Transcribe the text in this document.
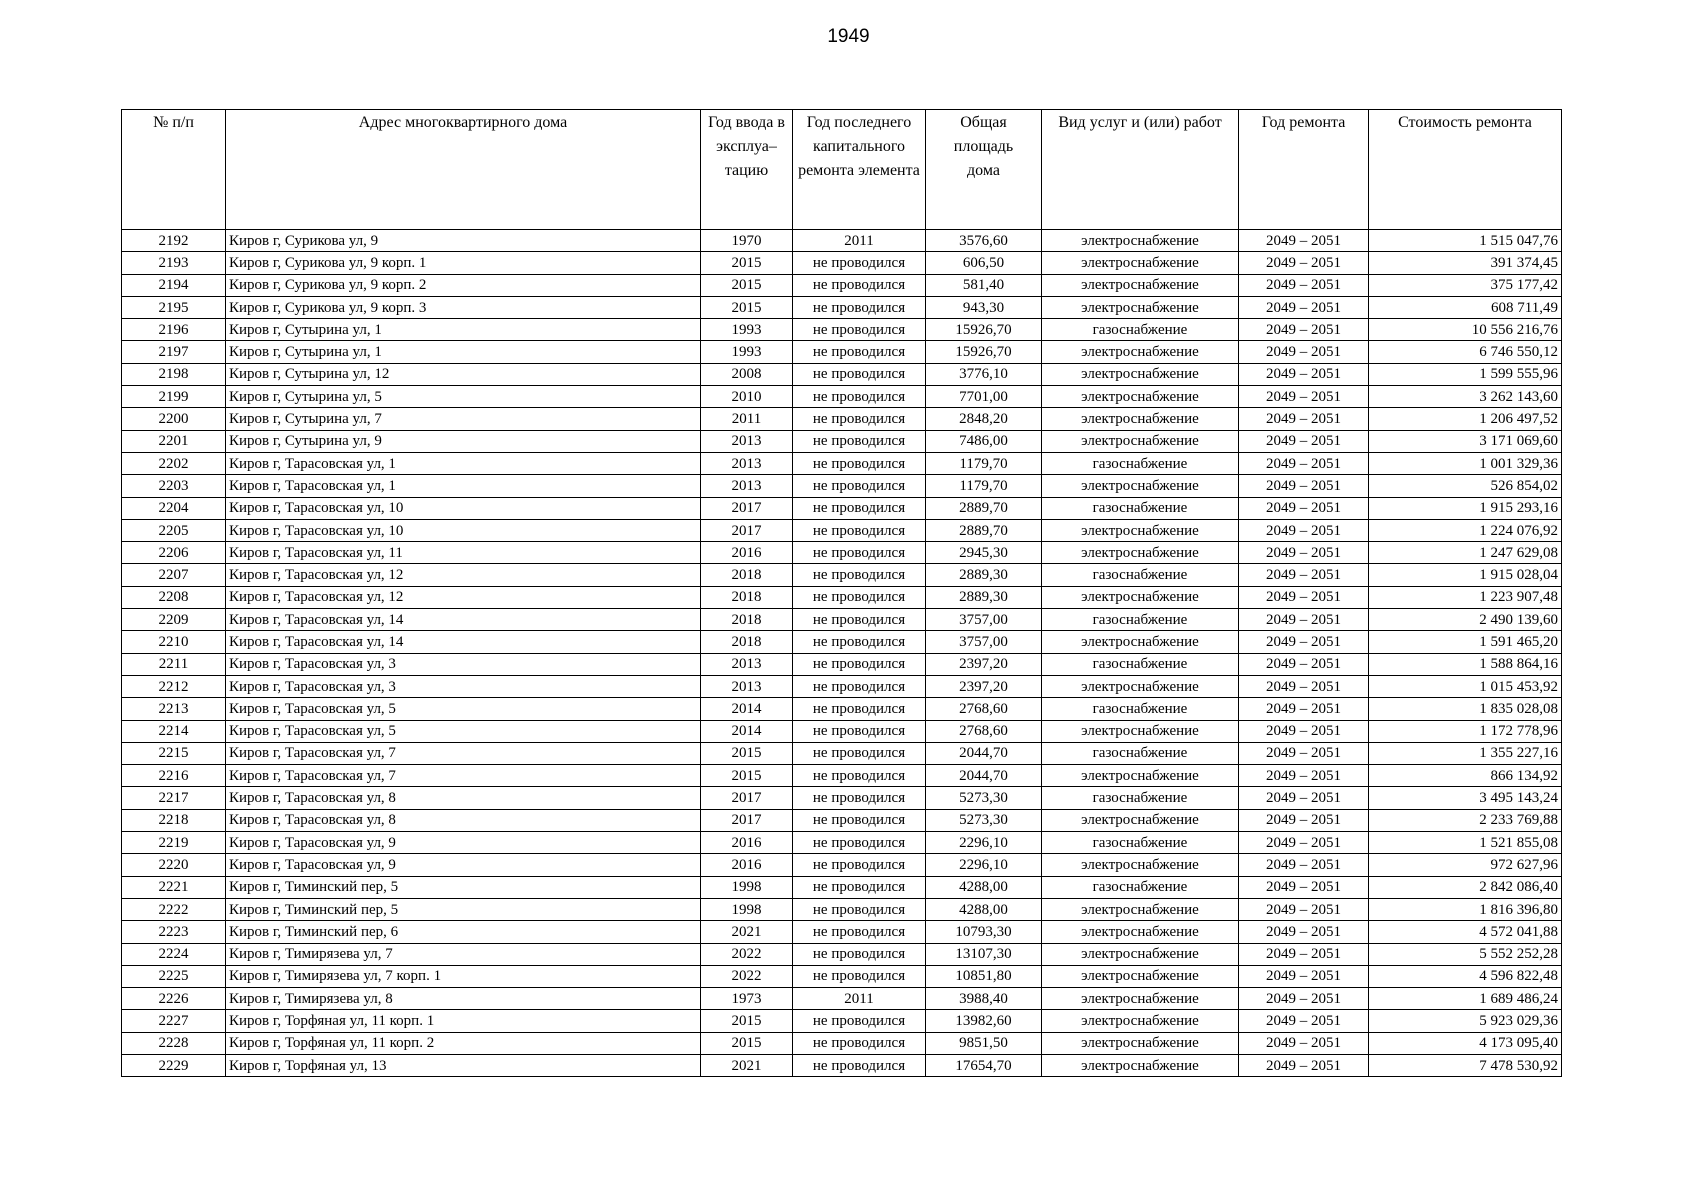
1949
№ п/п	Адрес многоквартирного дома	Год ввода в эксплуа–тацию	Год последнего капитального ремонта элемента	Общая площадь дома	Вид услуг и (или) работ	Год ремонта	Стоимость ремонта
2192	Киров г, Сурикова ул, 9	1970	2011	3576,60	электроснабжение	2049 – 2051	1 515 047,76
2193	Киров г, Сурикова ул, 9 корп. 1	2015	не проводился	606,50	электроснабжение	2049 – 2051	391 374,45
2194	Киров г, Сурикова ул, 9 корп. 2	2015	не проводился	581,40	электроснабжение	2049 – 2051	375 177,42
2195	Киров г, Сурикова ул, 9 корп. 3	2015	не проводился	943,30	электроснабжение	2049 – 2051	608 711,49
2196	Киров г, Сутырина ул, 1	1993	не проводился	15926,70	газоснабжение	2049 – 2051	10 556 216,76
2197	Киров г, Сутырина ул, 1	1993	не проводился	15926,70	электроснабжение	2049 – 2051	6 746 550,12
2198	Киров г, Сутырина ул, 12	2008	не проводился	3776,10	электроснабжение	2049 – 2051	1 599 555,96
2199	Киров г, Сутырина ул, 5	2010	не проводился	7701,00	электроснабжение	2049 – 2051	3 262 143,60
2200	Киров г, Сутырина ул, 7	2011	не проводился	2848,20	электроснабжение	2049 – 2051	1 206 497,52
2201	Киров г, Сутырина ул, 9	2013	не проводился	7486,00	электроснабжение	2049 – 2051	3 171 069,60
2202	Киров г, Тарасовская ул, 1	2013	не проводился	1179,70	газоснабжение	2049 – 2051	1 001 329,36
2203	Киров г, Тарасовская ул, 1	2013	не проводился	1179,70	электроснабжение	2049 – 2051	526 854,02
2204	Киров г, Тарасовская ул, 10	2017	не проводился	2889,70	газоснабжение	2049 – 2051	1 915 293,16
2205	Киров г, Тарасовская ул, 10	2017	не проводился	2889,70	электроснабжение	2049 – 2051	1 224 076,92
2206	Киров г, Тарасовская ул, 11	2016	не проводился	2945,30	электроснабжение	2049 – 2051	1 247 629,08
2207	Киров г, Тарасовская ул, 12	2018	не проводился	2889,30	газоснабжение	2049 – 2051	1 915 028,04
2208	Киров г, Тарасовская ул, 12	2018	не проводился	2889,30	электроснабжение	2049 – 2051	1 223 907,48
2209	Киров г, Тарасовская ул, 14	2018	не проводился	3757,00	газоснабжение	2049 – 2051	2 490 139,60
2210	Киров г, Тарасовская ул, 14	2018	не проводился	3757,00	электроснабжение	2049 – 2051	1 591 465,20
2211	Киров г, Тарасовская ул, 3	2013	не проводился	2397,20	газоснабжение	2049 – 2051	1 588 864,16
2212	Киров г, Тарасовская ул, 3	2013	не проводился	2397,20	электроснабжение	2049 – 2051	1 015 453,92
2213	Киров г, Тарасовская ул, 5	2014	не проводился	2768,60	газоснабжение	2049 – 2051	1 835 028,08
2214	Киров г, Тарасовская ул, 5	2014	не проводился	2768,60	электроснабжение	2049 – 2051	1 172 778,96
2215	Киров г, Тарасовская ул, 7	2015	не проводился	2044,70	газоснабжение	2049 – 2051	1 355 227,16
2216	Киров г, Тарасовская ул, 7	2015	не проводился	2044,70	электроснабжение	2049 – 2051	866 134,92
2217	Киров г, Тарасовская ул, 8	2017	не проводился	5273,30	газоснабжение	2049 – 2051	3 495 143,24
2218	Киров г, Тарасовская ул, 8	2017	не проводился	5273,30	электроснабжение	2049 – 2051	2 233 769,88
2219	Киров г, Тарасовская ул, 9	2016	не проводился	2296,10	газоснабжение	2049 – 2051	1 521 855,08
2220	Киров г, Тарасовская ул, 9	2016	не проводился	2296,10	электроснабжение	2049 – 2051	972 627,96
2221	Киров г, Тиминский пер, 5	1998	не проводился	4288,00	газоснабжение	2049 – 2051	2 842 086,40
2222	Киров г, Тиминский пер, 5	1998	не проводился	4288,00	электроснабжение	2049 – 2051	1 816 396,80
2223	Киров г, Тиминский пер, 6	2021	не проводился	10793,30	электроснабжение	2049 – 2051	4 572 041,88
2224	Киров г, Тимирязева ул, 7	2022	не проводился	13107,30	электроснабжение	2049 – 2051	5 552 252,28
2225	Киров г, Тимирязева ул, 7 корп. 1	2022	не проводился	10851,80	электроснабжение	2049 – 2051	4 596 822,48
2226	Киров г, Тимирязева ул, 8	1973	2011	3988,40	электроснабжение	2049 – 2051	1 689 486,24
2227	Киров г, Торфяная ул, 11 корп. 1	2015	не проводился	13982,60	электроснабжение	2049 – 2051	5 923 029,36
2228	Киров г, Торфяная ул, 11 корп. 2	2015	не проводился	9851,50	электроснабжение	2049 – 2051	4 173 095,40
2229	Киров г, Торфяная ул, 13	2021	не проводился	17654,70	электроснабжение	2049 – 2051	7 478 530,92
